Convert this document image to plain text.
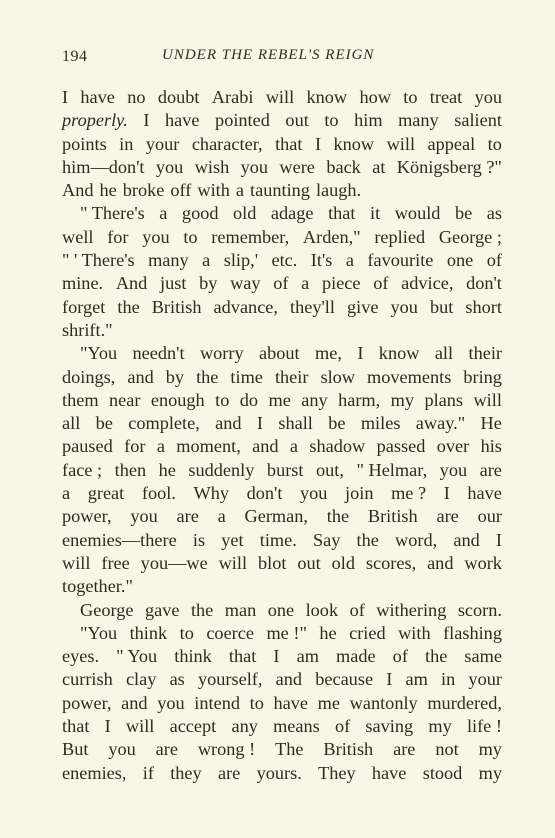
194	UNDER THE REBEL'S REIGN
I have no doubt Arabi will know how to treat you
properly. I have pointed out to him many salient
points in your character, that I know will appeal to
him—don't you wish you were back at Königsberg ?"
And he broke off with a taunting laugh.
" There's a good old adage that it would be as
well for you to remember, Arden," replied George ;
" ' There's many a slip,' etc. It's a favourite one of
mine. And just by way of a piece of advice, don't
forget the British advance, they'll give you but short
shrift."
"You needn't worry about me, I know all their
doings, and by the time their slow movements bring
them near enough to do me any harm, my plans will
all be complete, and I shall be miles away." He
paused for a moment, and a shadow passed over his
face ; then he suddenly burst out, " Helmar, you are
a great fool. Why don't you join me ? I have
power, you are a German, the British are our
enemies—there is yet time. Say the word, and I
will free you—we will blot out old scores, and work
together."
George gave the man one look of withering scorn.
"You think to coerce me !" he cried with flashing
eyes. " You think that I am made of the same
currish clay as yourself, and because I am in your
power, and you intend to have me wantonly murdered,
that I will accept any means of saving my life !
But you are wrong ! The British are not my
enemies, if they are yours. They have stood my
